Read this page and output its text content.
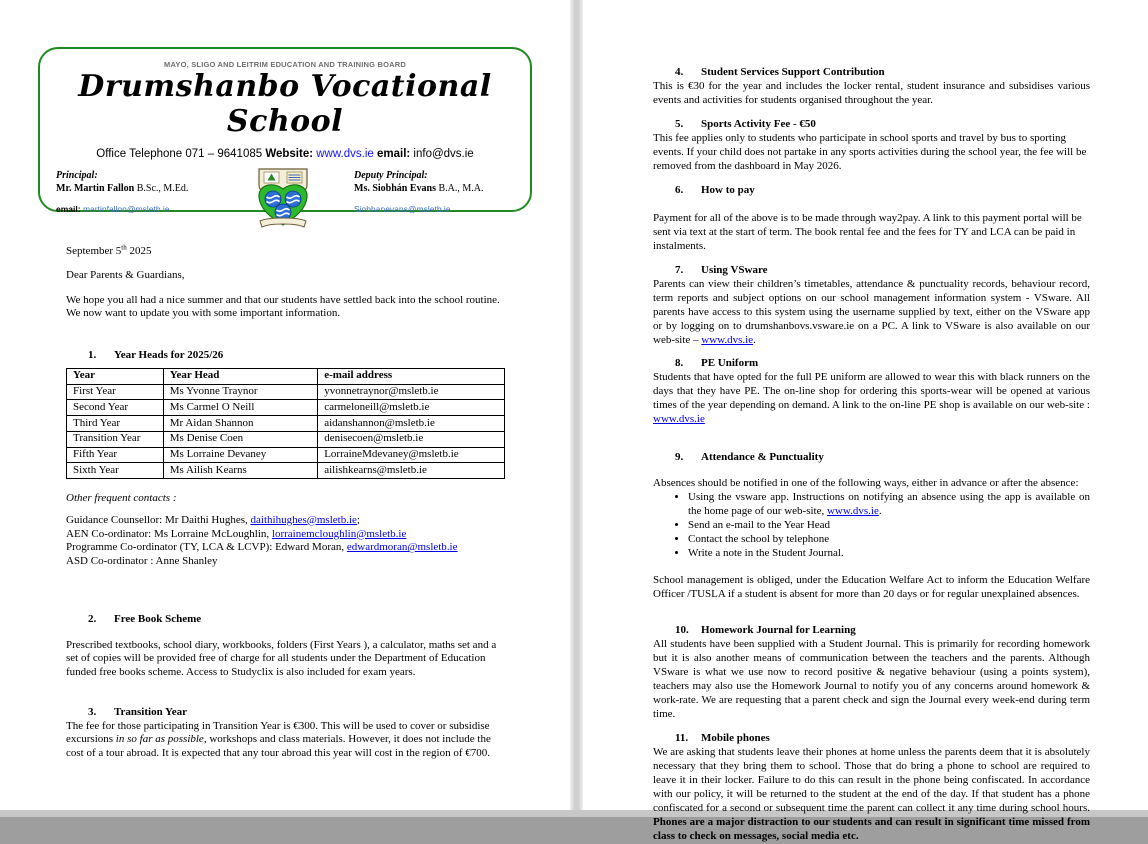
MAYO, SLIGO AND LEITRIM EDUCATION AND TRAINING BOARD
Drumshanbo Vocational School
Office Telephone 071 – 9641085 Website: www.dvs.ie email: info@dvs.ie
Principal:
Mr. Martin Fallon B.Sc., M.Ed.
email: martinfallon@msletb.ie
Deputy Principal:
Ms. Siobhán Evans B.A., M.A.
Siobhanevans@msletb.ie

September 5th 2025

Dear Parents & Guardians,

We hope you all had a nice summer and that our students have settled back into the school routine. We now want to update you with some important information.

1.	Year Heads for 2025/26
Year	Year Head	e-mail address
First Year	Ms Yvonne Traynor	yvonnetraynor@msletb.ie
Second Year	Ms Carmel O Neill	carmeloneill@msletb.ie
Third Year	Mr Aidan Shannon	aidanshannon@msletb.ie
Transition Year	Ms Denise Coen	denisecoen@msletb.ie
Fifth Year	Ms Lorraine Devaney	LorraineMdevaney@msletb.ie
Sixth Year	Ms Ailish Kearns	ailishkearns@msletb.ie

Other frequent contacts :

Guidance Counsellor: Mr Daithi Hughes, daithihughes@msletb.ie;
AEN Co-ordinator: Ms Lorraine McLoughlin, lorrainemcloughlin@msletb.ie
Programme Co-ordinator (TY, LCA & LCVP): Edward Moran, edwardmoran@msletb.ie
ASD Co-ordinator : Anne Shanley
2.	Free Book Scheme

Prescribed textbooks, school diary, workbooks, folders (First Years ), a calculator, maths set and a set of copies will be provided free of charge for all students under the Department of Education funded free books scheme. Access to Studyclix is also included for exam years.

3.	Transition Year

The fee for those participating in Transition Year is €300. This will be used to cover or subsidise excursions in so far as possible, workshops and class materials. However, it does not include the cost of a tour abroad. It is expected that any tour abroad this year will cost in the region of €700.

4.	Student Services Support Contribution

This is €30 for the year and includes the locker rental, student insurance and subsidises various events and activities for students organised throughout the year.

5.	Sports Activity Fee - €50

This fee applies only to students who participate in school sports and travel by bus to sporting events. If your child does not partake in any sports activities during the school year, the fee will be removed from the dashboard in May 2026.

6.	How to pay

Payment for all of the above is to be made through way2pay. A link to this payment portal will be sent via text at the start of term. The book rental fee and the fees for TY and LCA can be paid in instalments.

7.	Using VSware

Parents can view their children’s timetables, attendance & punctuality records, behaviour record, term reports and subject options on our school management information system - VSware. All parents have access to this system using the username supplied by text, either on the VSware app or by logging on to drumshanbovs.vsware.ie on a PC. A link to VSware is also available on our web-site – www.dvs.ie.

8.	PE Uniform

Students that have opted for the full PE uniform are allowed to wear this with black runners on the days that they have PE. The on-line shop for ordering this sports-wear will be opened at various times of the year depending on demand. A link to the on-line PE shop is available on our web-site : www.dvs.ie

9.	Attendance & Punctuality

Absences should be notified in one of the following ways, either in advance or after the absence:

• Using the vsware app. Instructions on notifying an absence using the app is available on the home page of our web-site, www.dvs.ie.
• Send an e-mail to the Year Head
• Contact the school by telephone
• Write a note in the Student Journal.

School management is obliged, under the Education Welfare Act to inform the Education Welfare Officer /TUSLA if a student is absent for more than 20 days or for regular unexplained absences.

10.	Homework Journal for Learning

All students have been supplied with a Student Journal. This is primarily for recording homework but it is also another means of communication between the teachers and the parents. Although VSware is what we use now to record positive & negative behaviour (using a points system), teachers may also use the Homework Journal to notify you of any concerns around homework & work-rate. We are requesting that a parent check and sign the Journal every week-end during term time.

11.	Mobile phones

We are asking that students leave their phones at home unless the parents deem that it is absolutely necessary that they bring them to school. Those that do bring a phone to school are required to leave it in their locker. Failure to do this can result in the phone being confiscated. In accordance with our policy, it will be returned to the student at the end of the day. If that student has a phone confiscated for a second or subsequent time the parent can collect it any time during school hours. Phones are a major distraction to our students and can result in significant time missed from class to check on messages, social media etc.
